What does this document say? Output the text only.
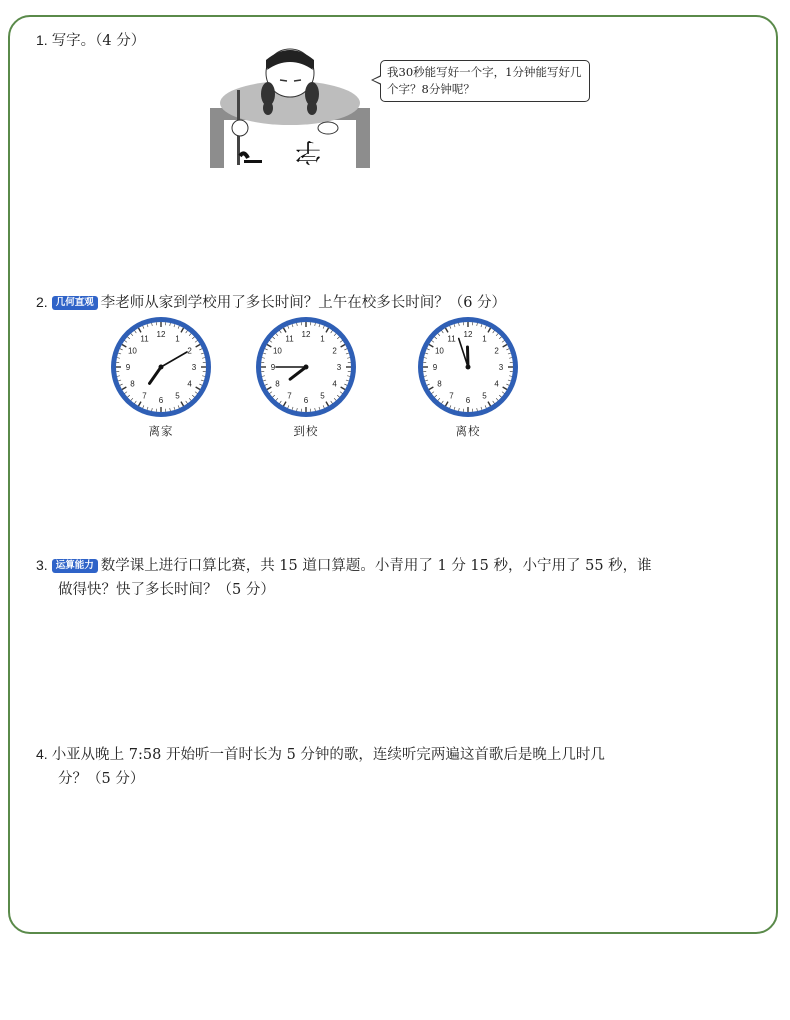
1. 写字。（4 分）
字
我30秒能写好一个字，1分钟能写好几个字？8分钟呢？
2. 几何直观 李老师从家到学校用了多长时间？上午在校多长时间？（6 分）
1
2
3
4
5
6
7
8
9
10
11 12
离家
1
2
3
4
5
6
7
8
9
10
11 12
到校
1
2
3
4
5
6
7
8
9
10
11 12
离校
3. 运算能力 数学课上进行口算比赛，共 15 道口算题。小青用了 1 分 15 秒，小宁用了 55 秒，谁
做得快？快了多长时间？（5 分）
4. 小亚从晚上 7:58 开始听一首时长为 5 分钟的歌，连续听完两遍这首歌后是晚上几时几
分？（5 分）
